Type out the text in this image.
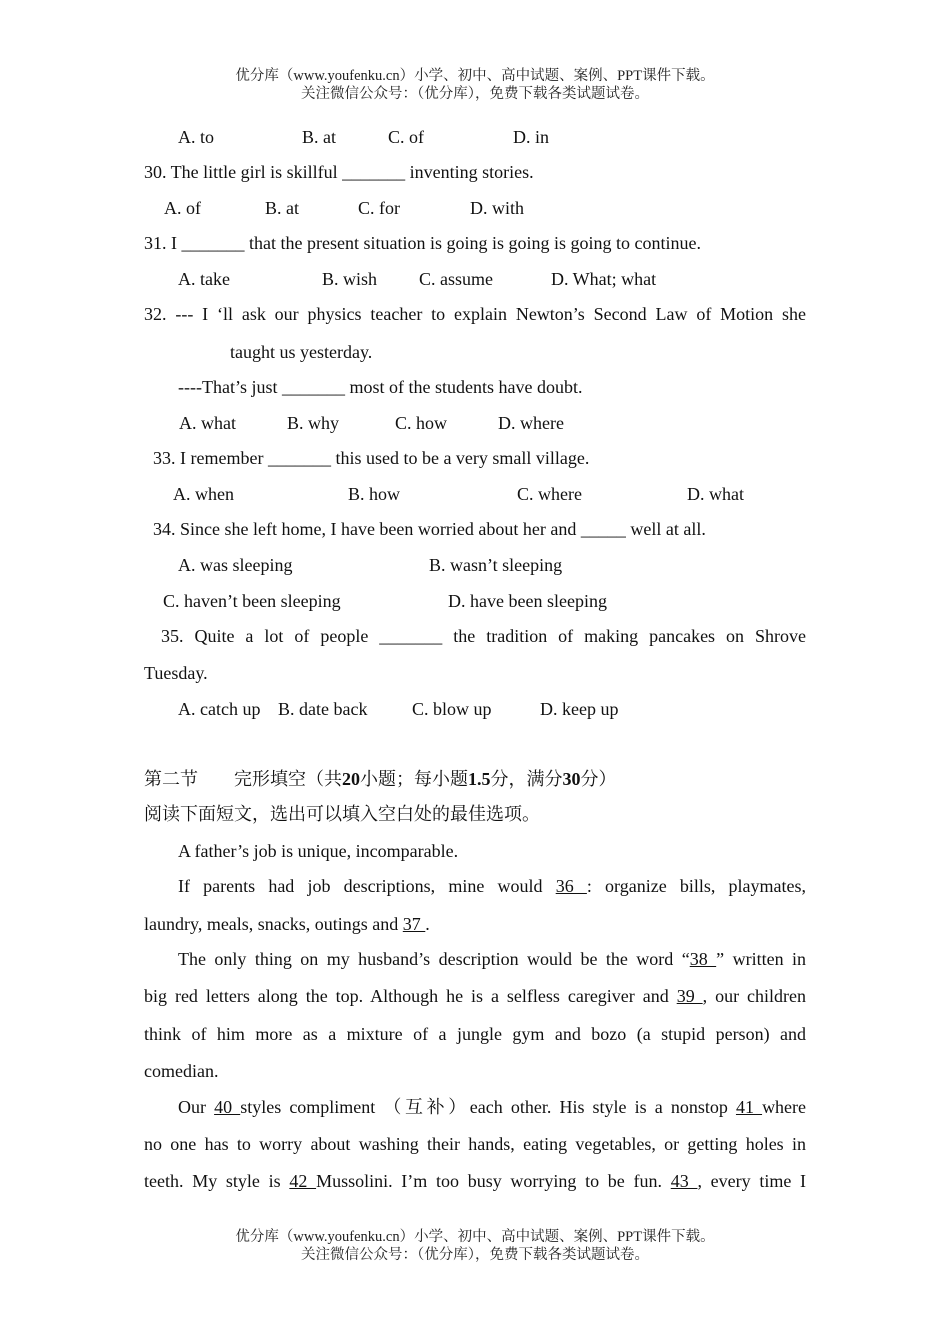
优分库（www.youfenku.cn）小学、初中、高中试题、案例、PPT课件下载。
关注微信公众号：（优分库），免费下载各类试题试卷。
A. to	B. at	C. of	D. in
30. The little girl is skillful _______ inventing stories.
A. of	B. at	C. for	D. with
31. I _______ that the present situation is going is going is going to continue.
A. take	B. wish C. assume	D. What; what
32. --- I ‘ll ask our physics teacher to explain Newton’s Second Law of Motion she
taught us yesterday.
----That’s just _______ most of the students have doubt.
A. what	B. why	C. how	D. where
33. I remember _______ this used to be a very small village.
A. when	B. how	C. where	D. what
34. Since she left home, I have been worried about her and _____ well at all.
A. was sleeping	B. wasn’t sleeping
C. haven’t been sleeping	D. have been sleeping
35. Quite a lot of people _______ the tradition of making pancakes on Shrove
Tuesday.
A. catch up B. date back C. blow up	D. keep up
第二节 完形填空（共20小题；每小题1.5分，满分30分）
阅读下面短文，选出可以填入空白处的最佳选项。
A father’s job is unique, incomparable.
If parents had job descriptions, mine would 36 : organize bills, playmates,
laundry, meals, snacks, outings and 37 .
The only thing on my husband’s description would be the word “38 ” written in
big red letters along the top. Although he is a selfless caregiver and 39 , our children
think of him more as a mixture of a jungle gym and bozo (a stupid person) and
comedian.
Our 40 styles compliment （互补）each other. His style is a nonstop 41 where
no one has to worry about washing their hands, eating vegetables, or getting holes in
teeth. My style is 42 Mussolini. I’m too busy worrying to be fun. 43 , every time I
优分库（www.youfenku.cn）小学、初中、高中试题、案例、PPT课件下载。
关注微信公众号：（优分库），免费下载各类试题试卷。
